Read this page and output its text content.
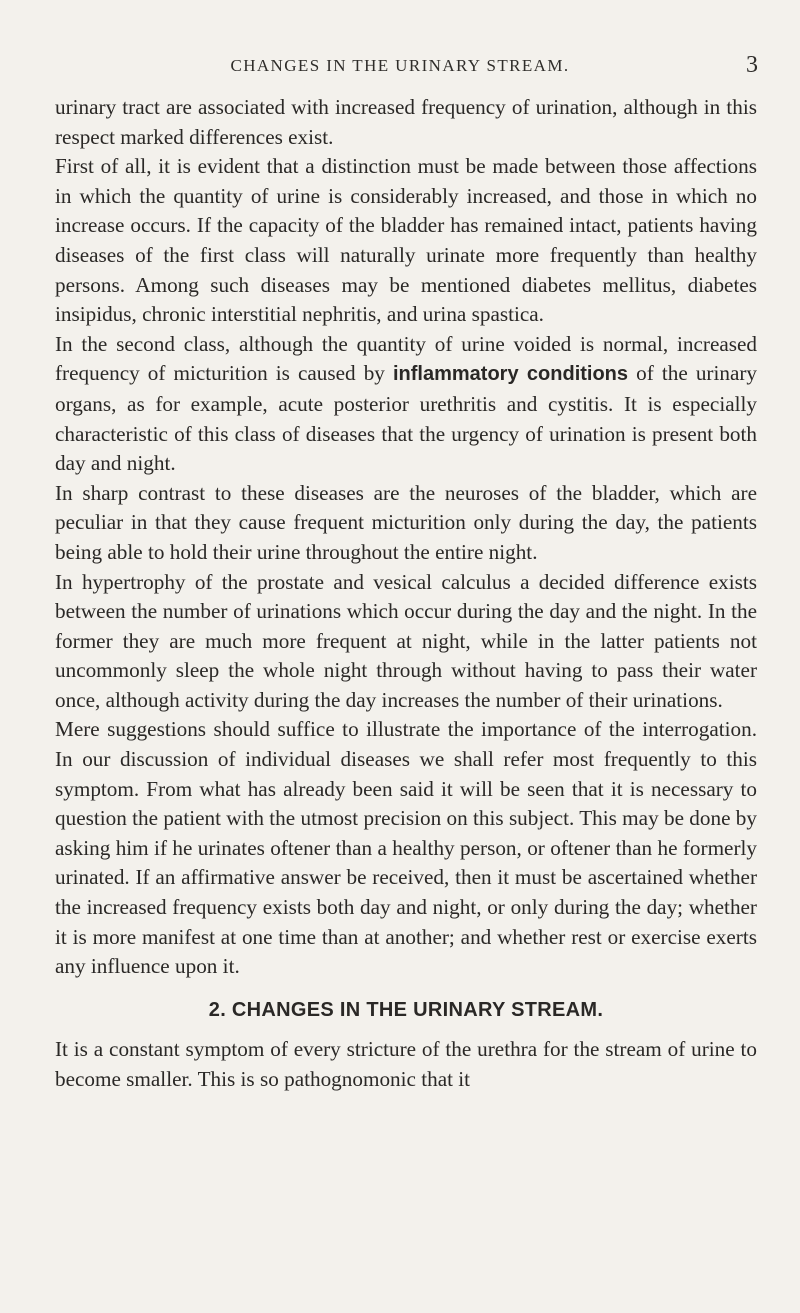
CHANGES IN THE URINARY STREAM.	3

urinary tract are associated with increased frequency of urination, although in this respect marked differences exist.

First of all, it is evident that a distinction must be made between those affections in which the quantity of urine is considerably increased, and those in which no increase occurs. If the capacity of the bladder has remained intact, patients having diseases of the first class will naturally urinate more frequently than healthy persons. Among such diseases may be mentioned diabetes mellitus, diabetes insipidus, chronic interstitial nephritis, and urina spastica.

In the second class, although the quantity of urine voided is normal, increased frequency of micturition is caused by inflammatory conditions of the urinary organs, as for example, acute posterior urethritis and cystitis. It is especially characteristic of this class of diseases that the urgency of urination is present both day and night.

In sharp contrast to these diseases are the neuroses of the bladder, which are peculiar in that they cause frequent micturition only during the day, the patients being able to hold their urine throughout the entire night.

In hypertrophy of the prostate and vesical calculus a decided difference exists between the number of urinations which occur during the day and the night. In the former they are much more frequent at night, while in the latter patients not uncommonly sleep the whole night through without having to pass their water once, although activity during the day increases the number of their urinations.

Mere suggestions should suffice to illustrate the importance of the interrogation. In our discussion of individual diseases we shall refer most frequently to this symptom. From what has already been said it will be seen that it is necessary to question the patient with the utmost precision on this subject. This may be done by asking him if he urinates oftener than a healthy person, or oftener than he formerly urinated. If an affirmative answer be received, then it must be ascertained whether the increased frequency exists both day and night, or only during the day; whether it is more manifest at one time than at another; and whether rest or exercise exerts any influence upon it.

2. CHANGES IN THE URINARY STREAM.

It is a constant symptom of every stricture of the urethra for the stream of urine to become smaller. This is so pathognomonic that it
